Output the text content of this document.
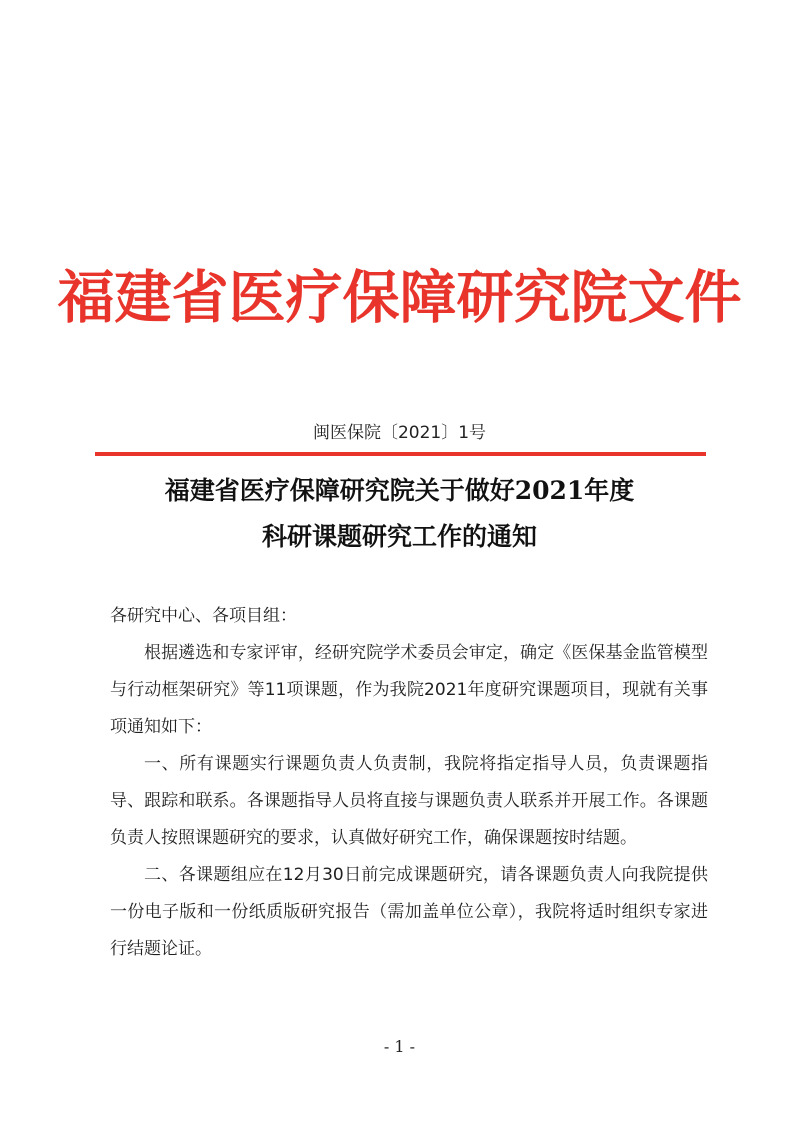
福建省医疗保障研究院文件
闽医保院〔2021〕1号
福建省医疗保障研究院关于做好2021年度
科研课题研究工作的通知

各研究中心、各项目组：

根据遴选和专家评审，经研究院学术委员会审定，确定《医保基金监管模型与行动框架研究》等11项课题，作为我院2021年度研究课题项目，现就有关事项通知如下：

一、所有课题实行课题负责人负责制，我院将指定指导人员，负责课题指导、跟踪和联系。各课题指导人员将直接与课题负责人联系并开展工作。各课题负责人按照课题研究的要求，认真做好研究工作，确保课题按时结题。

二、各课题组应在12月30日前完成课题研究，请各课题负责人向我院提供一份电子版和一份纸质版研究报告（需加盖单位公章），我院将适时组织专家进行结题论证。

- 1 -
